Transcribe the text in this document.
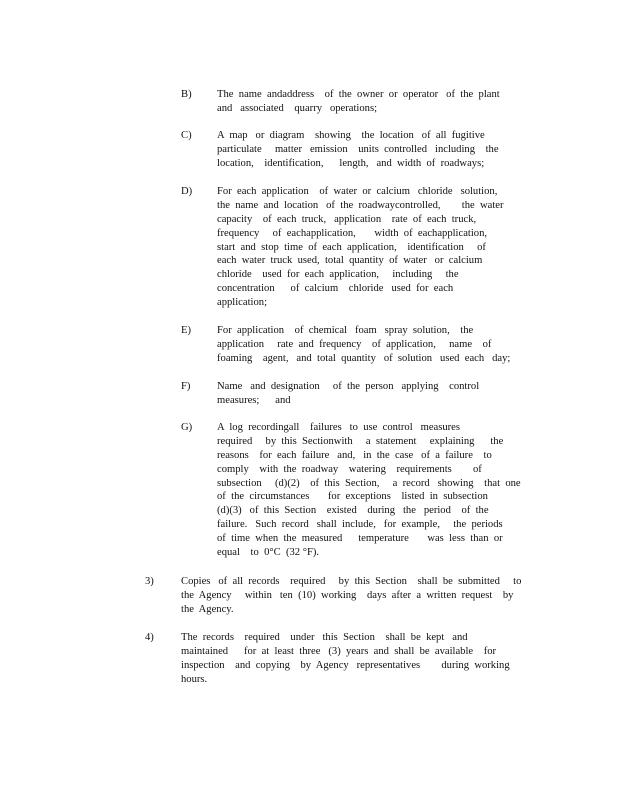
B) The  name  andaddress    of  the  owner  or  operator   of  the  plant
and   associated    quarry   operations;
C) A  map   or  diagram    showing    the  location   of  all  fugitive
particulate     matter   emission    units  controlled   including    the
location,    identification,      length,   and  width  of  roadways;
D) For  each  application    of  water  or  calcium   chloride   solution,
the  name  and  location   of  the  roadwaycontrolled,        the  water
capacity    of  each  truck,   application    rate  of  each  truck,
frequency     of  eachapplication,       width  of  eachapplication,
start  and  stop  time  of  each  application,    identification     of
each  water  truck  used,  total  quantity  of  water   or  calcium
chloride    used  for  each  application,     including     the
concentration      of  calcium    chloride   used  for  each
application;
E) For  application    of  chemical   foam   spray  solution,    the
application     rate  and  frequency    of  application,     name    of
foaming    agent,   and  total  quantity   of  solution   used  each   day;
F)	Name   and  designation     of  the  person   applying    control
measures;      and
G) A  log  recordingall    failures   to  use  control   measures
required     by  this  Sectionwith     a  statement     explaining      the
reasons    for  each  failure   and,   in  the  case   of  a  failure    to
comply    with  the  roadway    watering    requirements        of
subsection     (d)(2)    of  this  Section,     a  record   showing    that  one
of  the  circumstances       for  exceptions    listed  in  subsection
(d)(3)   of  this  Section    existed    during   the   period    of  the
failure.   Such  record   shall  include,   for  example,     the  periods
of  time  when  the  measured      temperature       was  less  than  or
equal    to  0°C  (32 °F).
3)	Copies   of  all  records    required     by  this  Section    shall  be  submitted     to
the  Agency     within   ten  (10)  working    days  after  a  written  request    by
the  Agency.
4)	The  records    required    under   this  Section    shall  be  kept   and
maintained      for  at  least  three   (3)  years  and  shall  be  available    for
inspection    and  copying    by  Agency   representatives        during  working
hours.
